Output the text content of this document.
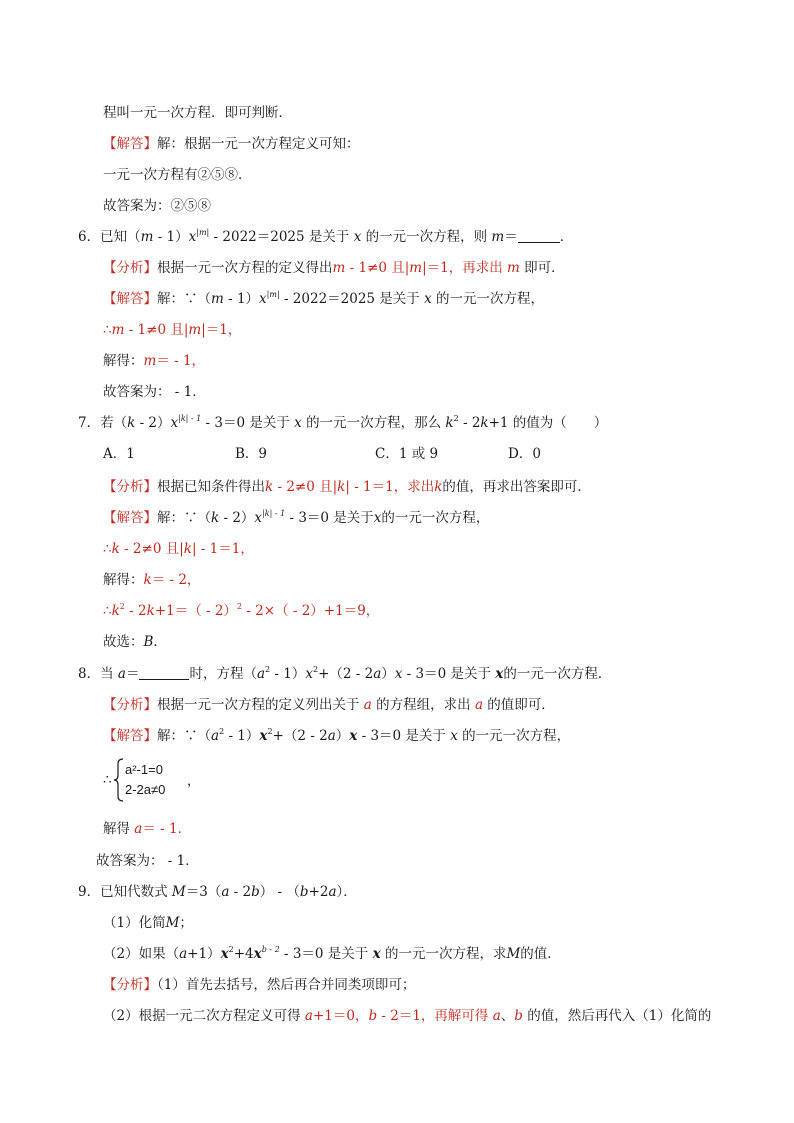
程叫一元一次方程．即可判断．
【解答】解：根据一元一次方程定义可知：
一元一次方程有②⑤⑧．
故答案为：②⑤⑧
6．已知$(m - 1)x^{|m|} - 2022=2025$ 是关于 x 的一元一次方程，则 m＝	．
【分析】根据一元一次方程的定义得出m - 1≠0 且|m|＝1，再求出 m 即可．
【解答】解：∵（m - $1)x^{|m|} - 2022=2025$ 是关于 x 的一元一次方程，
∴m - 1≠0 且|m|＝1，
解得：m＝ - 1，
故答案为： - 1．
7．若$(k - 2)x^{|k| - 1} - 3=0$ 是关于 x 的一元一次方程，那么 $k^2 - 2k+1$ 的值为（　　）
A．1	B．9	C．1 或 9	D．0
【分析】根据已知条件得出k - 2≠0 且|k| - 1＝1，求出k的值，再求出答案即可．
【解答】解：∵（k - $2)x^{|k| - 1} - 3=0$ 是关于x的一元一次方程，
∴k - 2≠0 且|k| - 1＝1，
解得：k＝ - 2，
$\therefore k^2 - 2k+1=( - 2)^2 - 2\times( - 2)+1=9$，
故选：B．
8．当 a＝	时，方程$(a^2 - 1)x^2+(2 - 2a)x - 3=0$ 是关于 x的一元一次方程．
【分析】根据一元一次方程的定义列出关于 a 的方程组，求出 a 的值即可．
【解答】解：$\because(a^2 - 1)x^2+(2 - 2a)x - 3=0$ 是关于 x 的一元一次方程，
∴
a²-1=0
2-2a≠0
，
解得 a＝ - 1．
故答案为： - 1．
9．已知代数式 M＝3（a - 2b） - （b+2a）．
（1）化简M；
（2）如果$(a+1)x^2+4x^{b - 2} - 3=0$ 是关于 x 的一元一次方程，求M的值．
【分析】（1）首先去括号，然后再合并同类项即可；
（2）根据一元二次方程定义可得 a+1＝0，b - 2＝1，再解可得 a、b 的值，然后再代入（1）化简的
